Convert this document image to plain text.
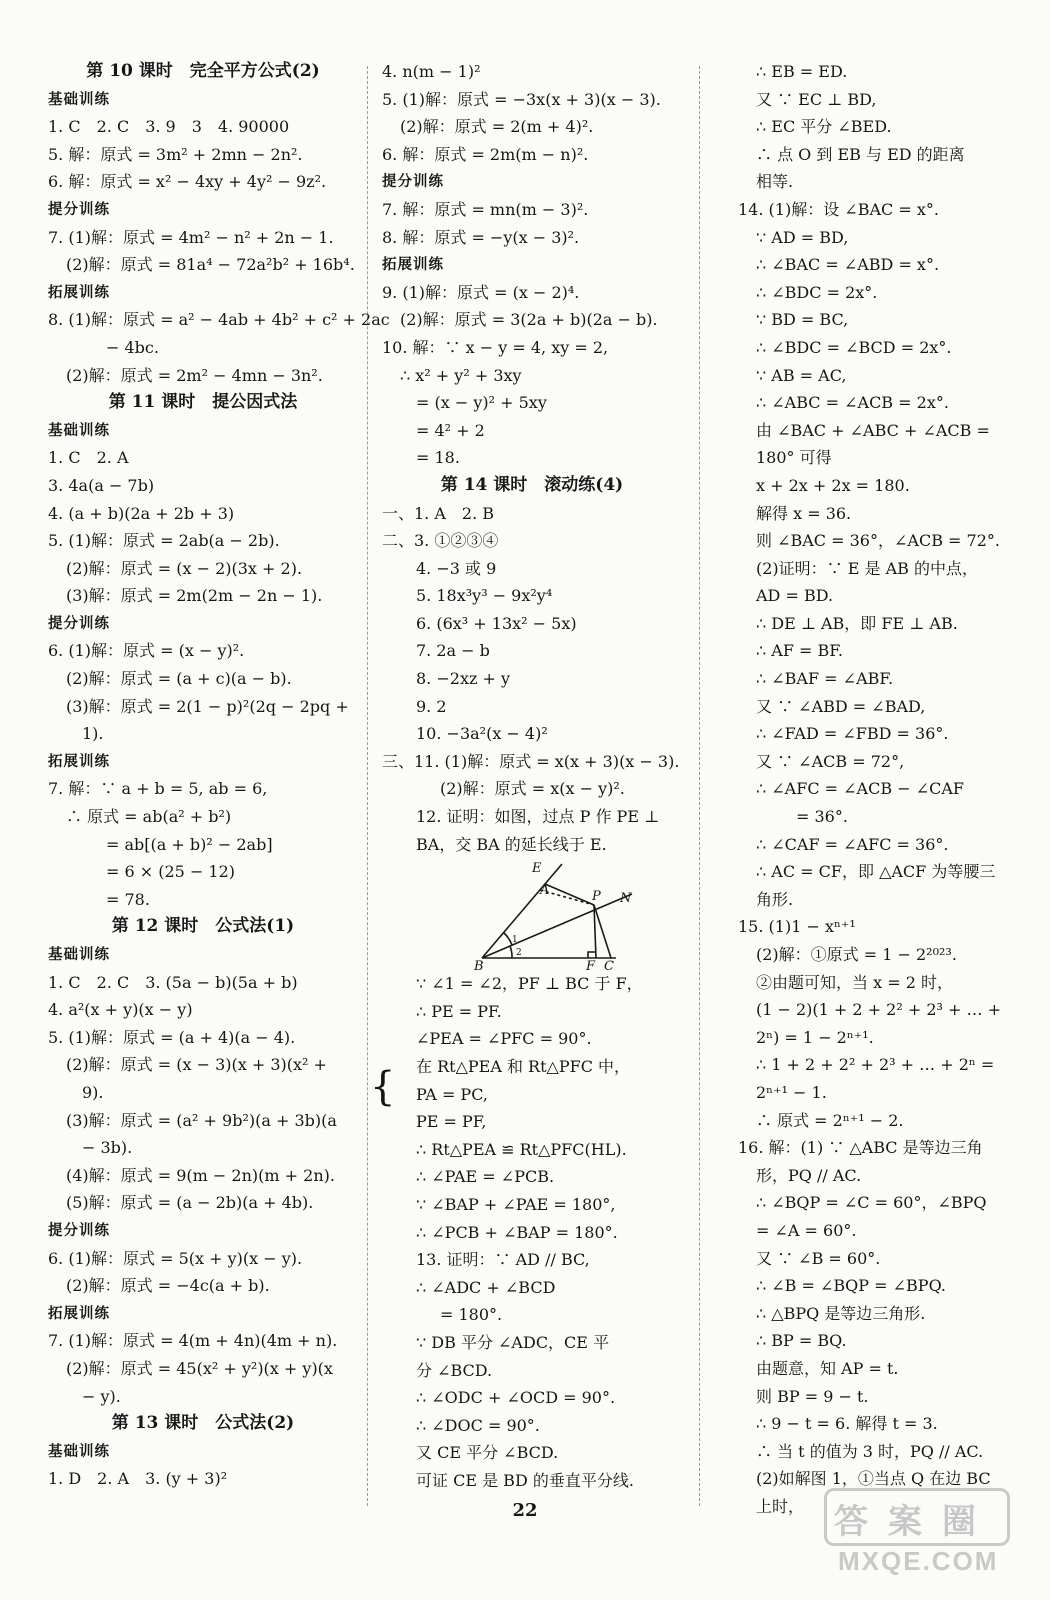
第 10 课时　完全平方公式(2)
基础训练
1. C　2. C　3. 9　3　4. 90000
5. 解：原式 = 3m² + 2mn − 2n².
6. 解：原式 = x² − 4xy + 4y² − 9z².
提分训练
7. (1)解：原式 = 4m² − n² + 2n − 1.
(2)解：原式 = 81a⁴ − 72a²b² + 16b⁴.
拓展训练
8. (1)解：原式 = a² − 4ab + 4b² + c² + 2ac
− 4bc.
(2)解：原式 = 2m² − 4mn − 3n².
第 11 课时　提公因式法
基础训练
1. C　2. A
3. 4a(a − 7b)
4. (a + b)(2a + 2b + 3)
5. (1)解：原式 = 2ab(a − 2b).
(2)解：原式 = (x − 2)(3x + 2).
(3)解：原式 = 2m(2m − 2n − 1).
提分训练
6. (1)解：原式 = (x − y)².
(2)解：原式 = (a + c)(a − b).
(3)解：原式 = 2(1 − p)²(2q − 2pq +
1).
拓展训练
7. 解：∵ a + b = 5, ab = 6,
∴ 原式 = ab(a² + b²)
= ab[(a + b)² − 2ab]
= 6 × (25 − 12)
= 78.
第 12 课时　公式法(1)
基础训练
1. C　2. C　3. (5a − b)(5a + b)
4. a²(x + y)(x − y)
5. (1)解：原式 = (a + 4)(a − 4).
(2)解：原式 = (x − 3)(x + 3)(x² +
9).
(3)解：原式 = (a² + 9b²)(a + 3b)(a
− 3b).
(4)解：原式 = 9(m − 2n)(m + 2n).
(5)解：原式 = (a − 2b)(a + 4b).
提分训练
6. (1)解：原式 = 5(x + y)(x − y).
(2)解：原式 = −4c(a + b).
拓展训练
7. (1)解：原式 = 4(m + 4n)(4m + n).
(2)解：原式 = 45(x² + y²)(x + y)(x
− y).
第 13 课时　公式法(2)
基础训练
1. D　2. A　3. (y + 3)²
4. n(m − 1)²
5. (1)解：原式 = −3x(x + 3)(x − 3).
(2)解：原式 = 2(m + 4)².
6. 解：原式 = 2m(m − n)².
提分训练
7. 解：原式 = mn(m − 3)².
8. 解：原式 = −y(x − 3)².
拓展训练
9. (1)解：原式 = (x − 2)⁴.
(2)解：原式 = 3(2a + b)(2a − b).
10. 解：∵ x − y = 4, xy = 2,
∴ x² + y² + 3xy
= (x − y)² + 5xy
= 4² + 2
= 18.
第 14 课时　滚动练(4)
一、1. A　2. B
二、3. ①②③④
4. −3 或 9
5. 18x³y³ − 9x²y⁴
6. (6x³ + 13x² − 5x)
7. 2a − b
8. −2xz + y
9. 2
10. −3a²(x − 4)²
三、11. (1)解：原式 = x(x + 3)(x − 3).
(2)解：原式 = x(x − y)².
12. 证明：如图，过点 P 作 PE ⊥
BA，交 BA 的延长线于 E.
E
A	P N
B	F C
1
2
∵ ∠1 = ∠2，PF ⊥ BC 于 F，
∴ PE = PF.
∠PEA = ∠PFC = 90°.
在 Rt△PEA 和 Rt△PFC 中，
{ PA = PC,
PE = PF,
∴ Rt△PEA ≌ Rt△PFC(HL).
∴ ∠PAE = ∠PCB.
∵ ∠BAP + ∠PAE = 180°,
∴ ∠PCB + ∠BAP = 180°.
13. 证明：∵ AD // BC,
∴ ∠ADC + ∠BCD
= 180°.
∵ DB 平分 ∠ADC，CE 平
分 ∠BCD.
∴ ∠ODC + ∠OCD = 90°.
∴ ∠DOC = 90°.
又 CE 平分 ∠BCD.
可证 CE 是 BD 的垂直平分线.
∴ EB = ED.
又 ∵ EC ⊥ BD,
∴ EC 平分 ∠BED.
∴ 点 O 到 EB 与 ED 的距离
相等.
14. (1)解：设 ∠BAC = x°.
∵ AD = BD,
∴ ∠BAC = ∠ABD = x°.
∴ ∠BDC = 2x°.
∵ BD = BC,
∴ ∠BDC = ∠BCD = 2x°.
∵ AB = AC,
∴ ∠ABC = ∠ACB = 2x°.
由 ∠BAC + ∠ABC + ∠ACB =
180° 可得
x + 2x + 2x = 180.
解得 x = 36.
则 ∠BAC = 36°，∠ACB = 72°.
(2)证明：∵ E 是 AB 的中点，
AD = BD.
∴ DE ⊥ AB，即 FE ⊥ AB.
∴ AF = BF.
∴ ∠BAF = ∠ABF.
又 ∵ ∠ABD = ∠BAD,
∴ ∠FAD = ∠FBD = 36°.
又 ∵ ∠ACB = 72°,
∴ ∠AFC = ∠ACB − ∠CAF
= 36°.
∴ ∠CAF = ∠AFC = 36°.
∴ AC = CF，即 △ACF 为等腰三
角形.
15. (1)1 − xⁿ⁺¹
(2)解：①原式 = 1 − 2²⁰²³.
②由题可知，当 x = 2 时，
(1 − 2)(1 + 2 + 2² + 2³ + … +
2ⁿ) = 1 − 2ⁿ⁺¹.
∴ 1 + 2 + 2² + 2³ + … + 2ⁿ =
2ⁿ⁺¹ − 1.
∴ 原式 = 2ⁿ⁺¹ − 2.
16. 解：(1) ∵ △ABC 是等边三角
形，PQ // AC.
∴ ∠BQP = ∠C = 60°，∠BPQ
= ∠A = 60°.
又 ∵ ∠B = 60°.
∴ ∠B = ∠BQP = ∠BPQ.
∴ △BPQ 是等边三角形.
∴ BP = BQ.
由题意，知 AP = t.
则 BP = 9 − t.
∴ 9 − t = 6. 解得 t = 3.
∴ 当 t 的值为 3 时，PQ // AC.
(2)如解图 1，①当点 Q 在边 BC
上时，
22	答 案 圈
MXQE.COM
